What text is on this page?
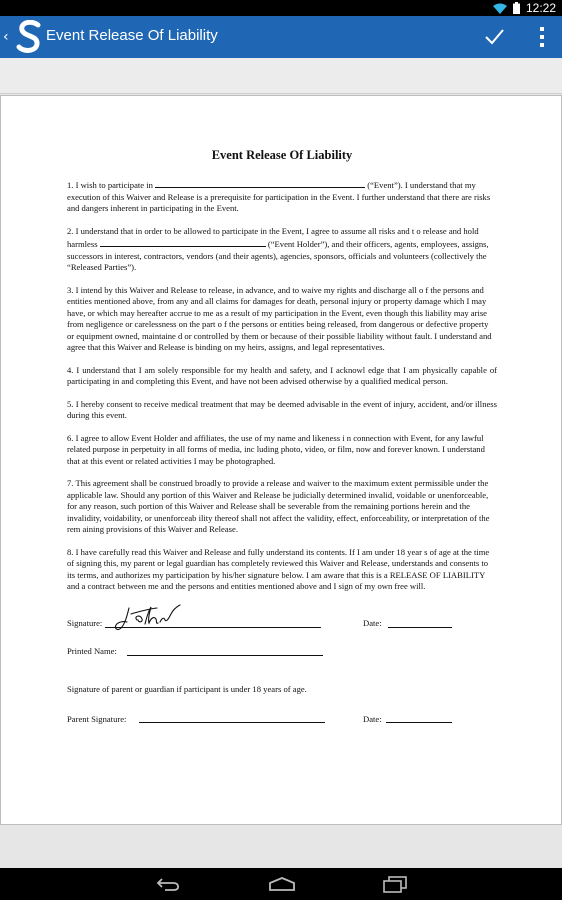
12:22
‹ Event Release Of Liability
Event Release Of Liability

1. I wish to participate in	(“Event”). I understand that my execution of this Waiver and Release is a prerequisite for participation in the Event. I further understand that there are risks and dangers inherent in participating in the Event.

2. I understand that in order to be allowed to participate in the Event, I agree to assume all risks and t o release and hold harmless	(“Event Holder”), and their officers, agents, employees, assigns, successors in interest, contractors, vendors (and their agents), agencies, sponsors, officials and volunteers (collectively the “Released Parties”).

3. I intend by this Waiver and Release to release, in advance, and to waive my rights and discharge all o f the persons and entities mentioned above, from any and all claims for damages for death, personal injury or property damage which I may have, or which may hereafter accrue to me as a result of my participation in the Event, even though this liability may arise from negligence or carelessness on the part o f the persons or entities being released, from dangerous or defective property or equipment owned, maintaine d or controlled by them or because of their possible liability without fault. I understand and agree that this Waiver and Release is binding on my heirs, assigns, and legal representatives.

4. I understand that I am solely responsible for my health and safety, and I acknowl edge that I am physically capable of participating in and completing this Event, and have not been advised otherwise by a qualified medical person.

5. I hereby consent to receive medical treatment that may be deemed advisable in the event of injury, accident, and/or illness during this event.

6. I agree to allow Event Holder and affiliates, the use of my name and likeness i n connection with Event, for any lawful related purpose in perpetuity in all forms of media, inc luding photo, video, or film, now and forever known. I understand that at this event or related activities I may be photographed.

7. This agreement shall be construed broadly to provide a release and waiver to the maximum extent permissible under the applicable law. Should any portion of this Waiver and Release be judicially determined invalid, voidable or unenforceable, for any reason, such portion of this Waiver and Release shall be severable from the remaining portions herein and the invalidity, voidability, or unenforceab ility thereof shall not affect the validity, effect, enforceability, or interpretation of the rem aining provisions of this Waiver and Release.

8. I have carefully read this Waiver and Release and fully understand its contents. If I am under 18 year s of age at the time of signing this, my parent or legal guardian has completely reviewed this Waiver and Release, understands and consents to its terms, and authorizes my participation by his/her signature below. I am aware that this is a RELEASE OF LIABILITY and a contract between me and the persons and entities mentioned above and I sign of my own free will.

Signature:	Date:
Printed Name:

Signature of parent or guardian if participant is under 18 years of age.

Parent Signature:	Date:
